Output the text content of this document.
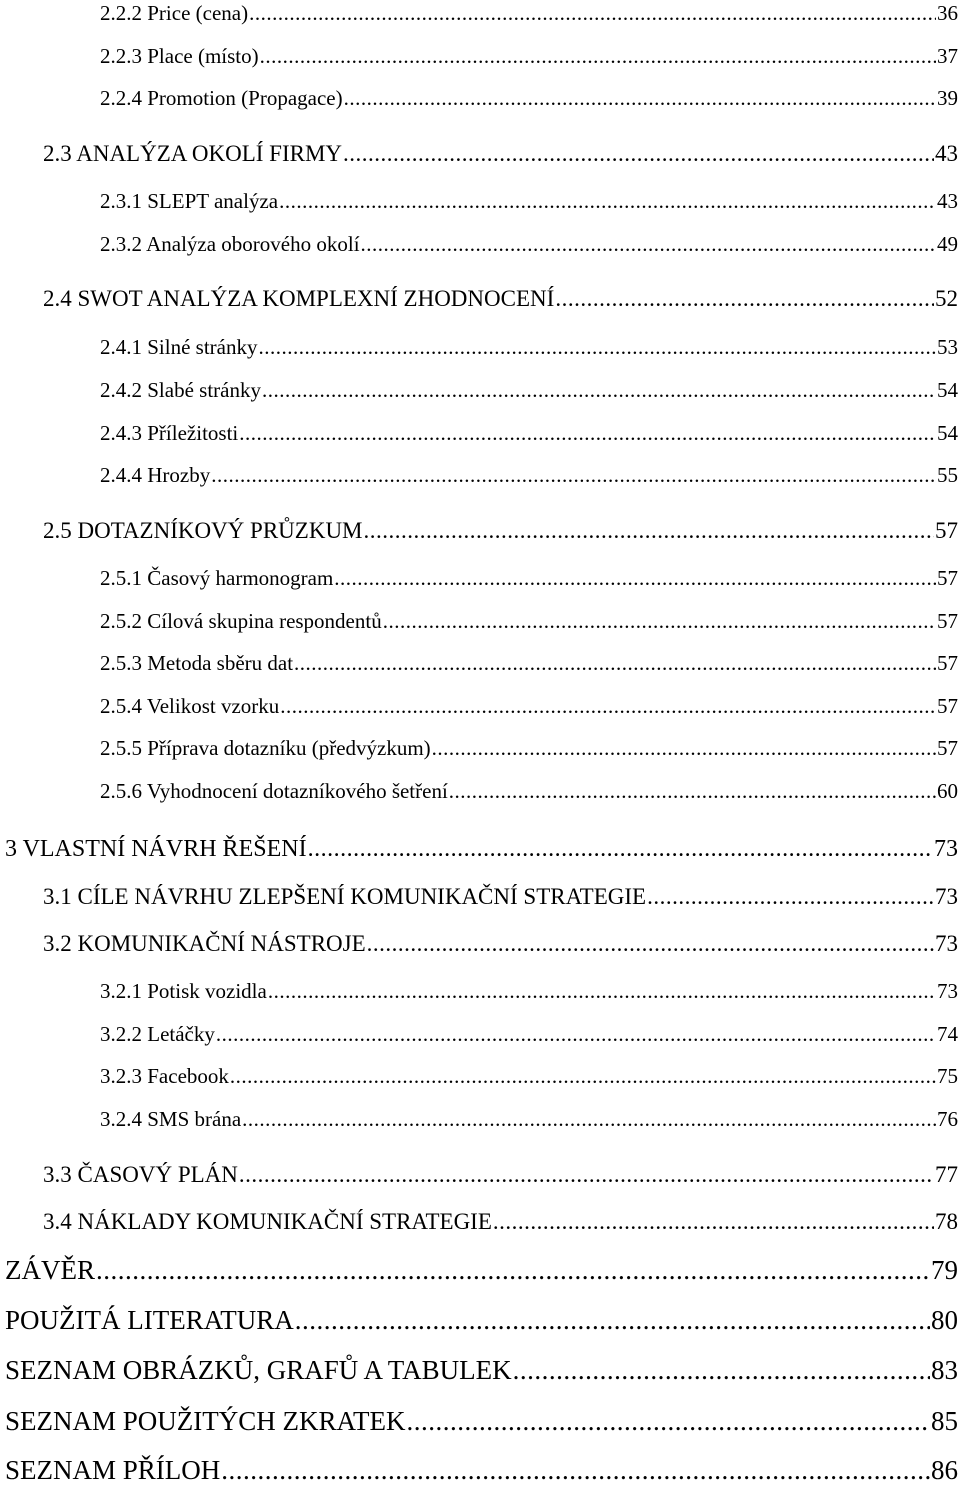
2.2.2 Price (cena) .....	36
2.2.3 Place (místo) .....	37
2.2.4 Promotion (Propagace) .....	39
2.3 ANALÝZA OKOLÍ FIRMY .....	43
2.3.1 SLEPT analýza .....	43
2.3.2 Analýza oborového okolí .....	49
2.4 SWOT ANALÝZA KOMPLEXNÍ ZHODNOCENÍ .....	52
2.4.1 Silné stránky .....	53
2.4.2 Slabé stránky .....	54
2.4.3 Příležitosti .....	54
2.4.4 Hrozby .....	55
2.5 DOTAZNÍKOVÝ PRŮZKUM .....	57
2.5.1 Časový harmonogram .....	57
2.5.2 Cílová skupina respondentů .....	57
2.5.3 Metoda sběru dat .....	57
2.5.4 Velikost vzorku .....	57
2.5.5 Příprava dotazníku (předvýzkum) .....	57
2.5.6 Vyhodnocení dotazníkového šetření .....	60
3 VLASTNÍ NÁVRH ŘEŠENÍ .....	73
3.1 CÍLE NÁVRHU ZLEPŠENÍ KOMUNIKAČNÍ STRATEGIE .....	73
3.2 KOMUNIKAČNÍ NÁSTROJE .....	73
3.2.1 Potisk vozidla .....	73
3.2.2 Letáčky .....	74
3.2.3 Facebook .....	75
3.2.4 SMS brána .....	76
3.3 ČASOVÝ PLÁN .....	77
3.4 NÁKLADY KOMUNIKAČNÍ STRATEGIE .....	78
ZÁVĚR .....	79
POUŽITÁ LITERATURA .....	80
SEZNAM OBRÁZKŮ, GRAFŮ A TABULEK .....	83
SEZNAM POUŽITÝCH ZKRATEK .....	85
SEZNAM PŘÍLOH .....	86
